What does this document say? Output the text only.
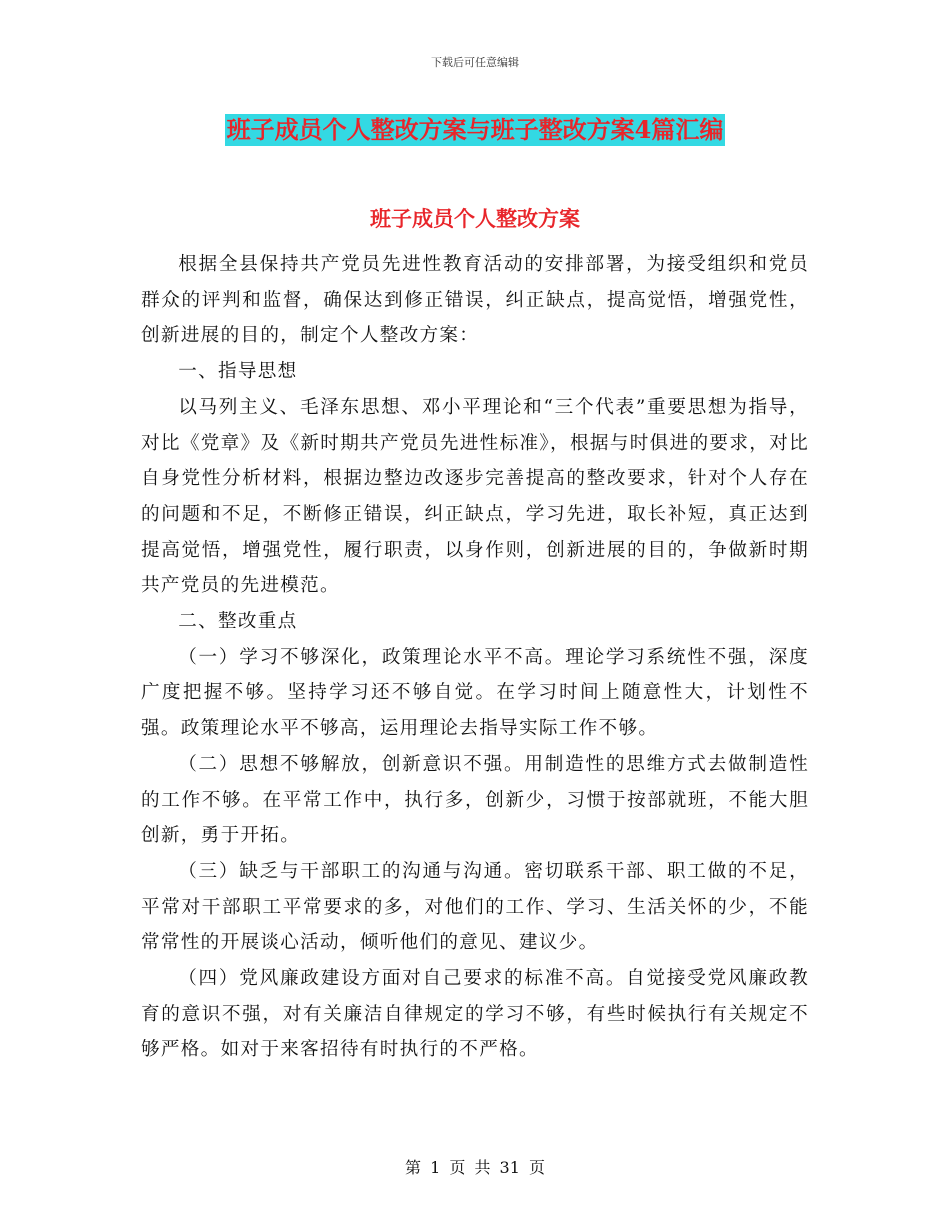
下载后可任意编辑
班子成员个人整改方案与班子整改方案4篇汇编
班子成员个人整改方案

根据全县保持共产党员先进性教育活动的安排部署，为接受组织和党员群众的评判和监督，确保达到修正错误，纠正缺点，提高觉悟，增强党性，创新进展的目的，制定个人整改方案：

一、指导思想

以马列主义、毛泽东思想、邓小平理论和“三个代表”重要思想为指导，对比《党章》及《新时期共产党员先进性标准》，根据与时俱进的要求，对比自身党性分析材料，根据边整边改逐步完善提高的整改要求，针对个人存在的问题和不足，不断修正错误，纠正缺点，学习先进，取长补短，真正达到提高觉悟，增强党性，履行职责，以身作则，创新进展的目的，争做新时期共产党员的先进模范。

二、整改重点

（一）学习不够深化，政策理论水平不高。理论学习系统性不强，深度广度把握不够。坚持学习还不够自觉。在学习时间上随意性大，计划性不强。政策理论水平不够高，运用理论去指导实际工作不够。

（二）思想不够解放，创新意识不强。用制造性的思维方式去做制造性的工作不够。在平常工作中，执行多，创新少，习惯于按部就班，不能大胆创新，勇于开拓。

（三）缺乏与干部职工的沟通与沟通。密切联系干部、职工做的不足，平常对干部职工平常要求的多，对他们的工作、学习、生活关怀的少，不能常常性的开展谈心活动，倾听他们的意见、建议少。

（四）党风廉政建设方面对自己要求的标准不高。自觉接受党风廉政教育的意识不强，对有关廉洁自律规定的学习不够，有些时候执行有关规定不够严格。如对于来客招待有时执行的不严格。

第 1 页 共 31 页
